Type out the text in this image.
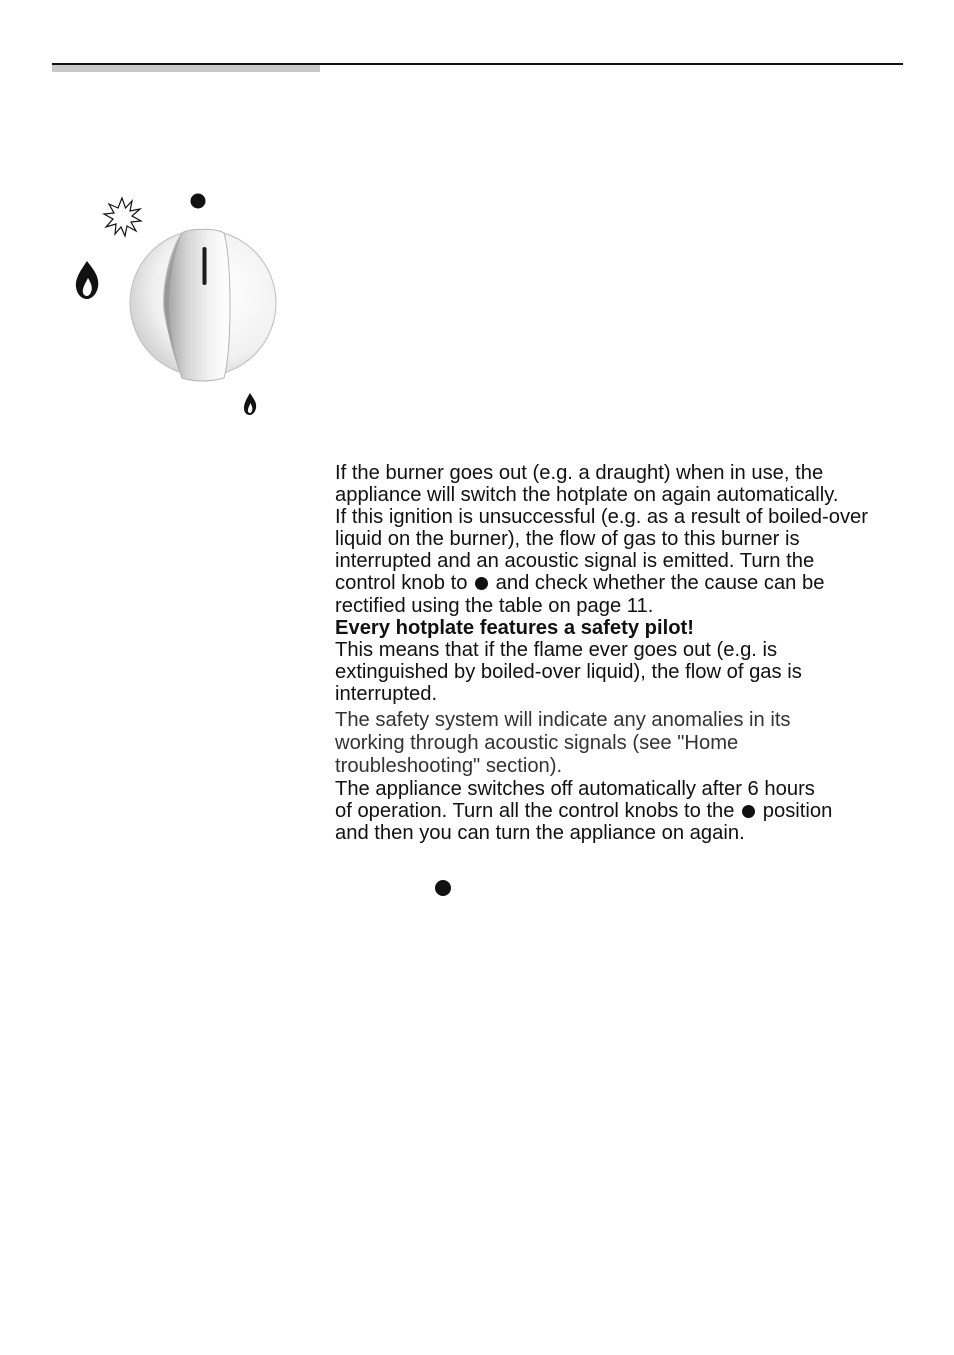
If the burner goes out (e.g. a draught) when in use, the
appliance will switch the hotplate on again automatically.
If this ignition is unsuccessful (e.g. as a result of boiled-over
liquid on the burner), the flow of gas to this burner is
interrupted and an acoustic signal is emitted. Turn the
control knob to and check whether the cause can be
rectified using the table on page 11.

Every hotplate features a safety pilot!

This means that if the flame ever goes out (e.g. is
extinguished by boiled-over liquid), the flow of gas is
interrupted.

The safety system will indicate any anomalies in its
working through acoustic signals (see "Home
troubleshooting" section).

The appliance switches off automatically after 6 hours
of operation. Turn all the control knobs to the position
and then you can turn the appliance on again.
